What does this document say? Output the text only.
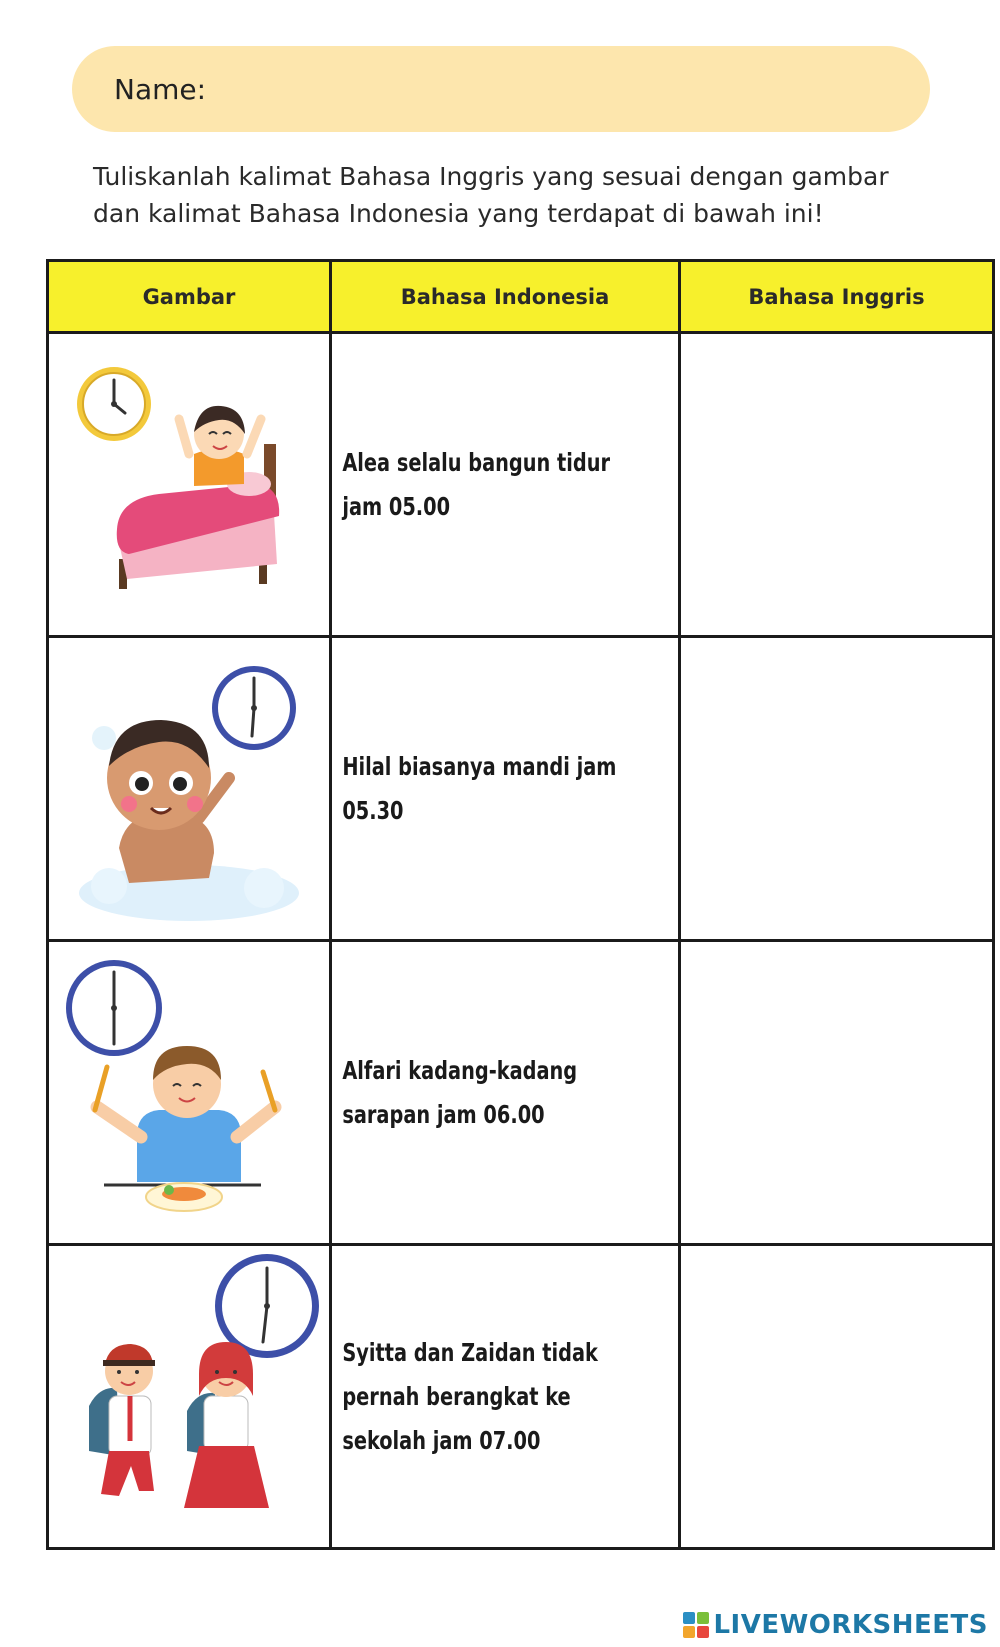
Name:
Tuliskanlah kalimat Bahasa Inggris yang sesuai dengan gambar dan kalimat Bahasa Indonesia yang terdapat di bawah ini!
Gambar	Bahasa Indonesia	Bahasa Inggris

Alea selalu bangun tidur jam 05.00

Hilal biasanya mandi jam 05.30

Alfari kadang-kadang sarapan jam 06.00

Syitta dan Zaidan tidak pernah berangkat ke sekolah jam 07.00

LIVEWORKSHEETS
